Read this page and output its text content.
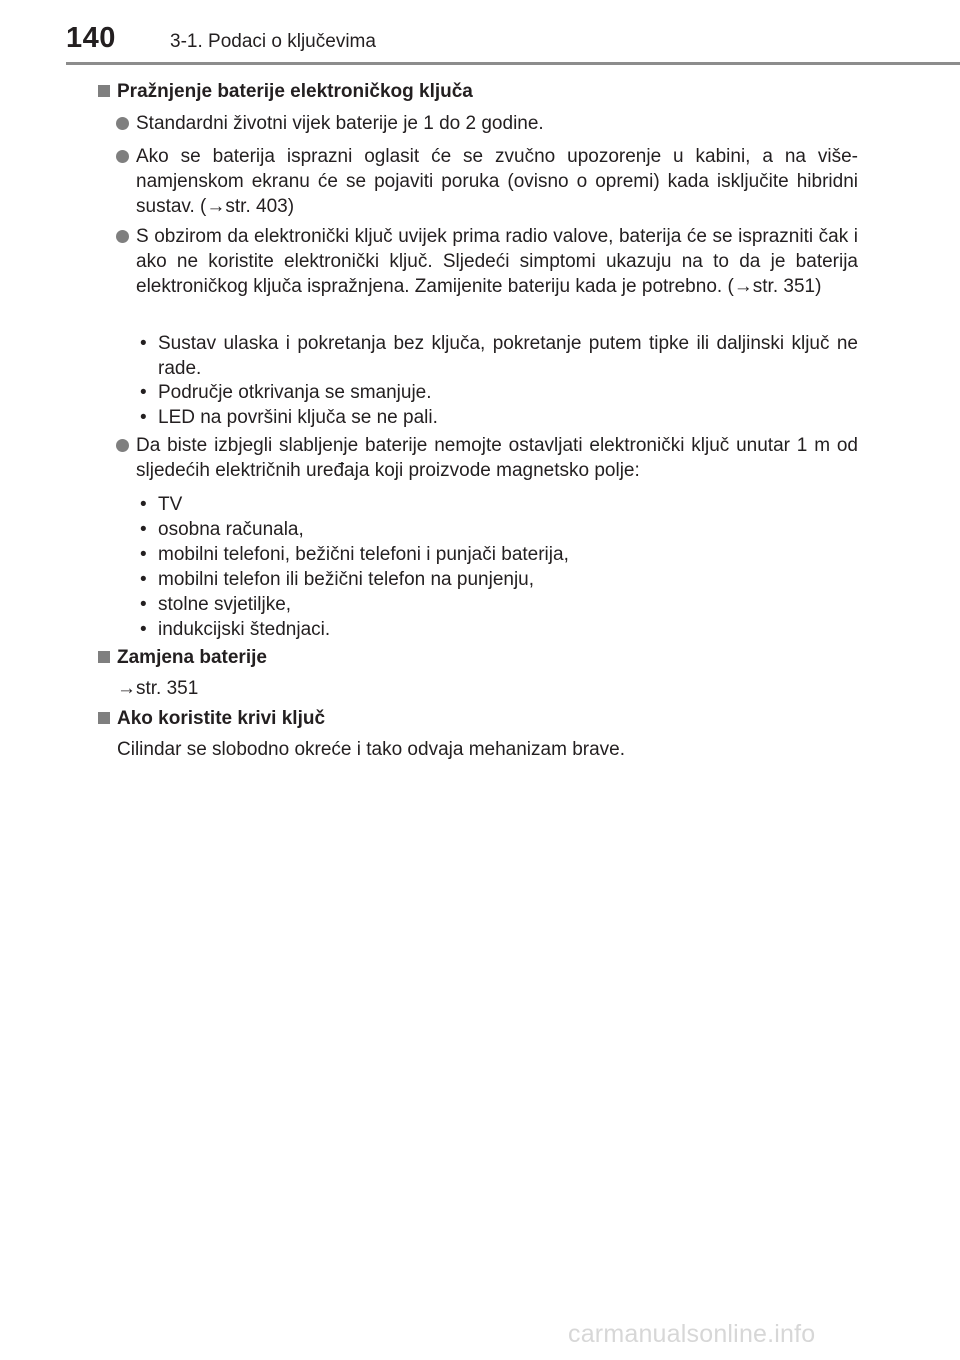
140	3-1. Podaci o ključevima
Pražnjenje baterije elektroničkog ključa
Standardni životni vijek baterije je 1 do 2 godine.
Ako se baterija isprazni oglasit će se zvučno upozorenje u kabini, a na više-namjenskom ekranu će se pojaviti poruka (ovisno o opremi) kada isključite hibridni sustav. (→str. 403)
S obzirom da elektronički ključ uvijek prima radio valove, baterija će se isprazniti čak i ako ne koristite elektronički ključ. Sljedeći simptomi ukazuju na to da je baterija elektroničkog ključa ispražnjena. Zamijenite bateriju kada je potrebno. (→str. 351)
• Sustav ulaska i pokretanja bez ključa, pokretanje putem tipke ili daljinski ključ ne rade.
• Područje otkrivanja se smanjuje.
• LED na površini ključa se ne pali.
Da biste izbjegli slabljenje baterije nemojte ostavljati elektronički ključ unutar 1 m od sljedećih električnih uređaja koji proizvode magnetsko polje:
• TV
• osobna računala,
• mobilni telefoni, bežični telefoni i punjači baterija,
• mobilni telefon ili bežični telefon na punjenju,
• stolne svjetiljke,
• indukcijski štednjaci.
Zamjena baterije
→str. 351
Ako koristite krivi ključ
Cilindar se slobodno okreće i tako odvaja mehanizam brave.
carmanualsonline.info
